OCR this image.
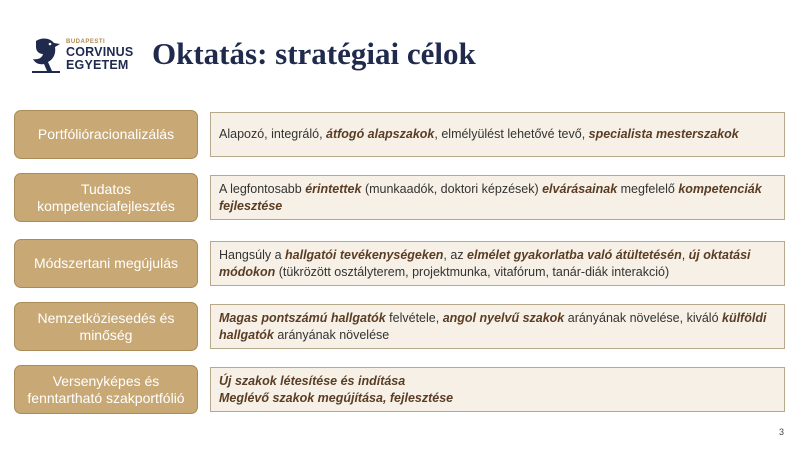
BUDAPESTI
CORVINUS
EGYETEM Oktatás: stratégiai célok
Portfólióracionalizálás	Alapozó, integráló, átfogó alapszakok, elmélyülést lehetővé tevő, specialista mesterszakok
Tudatos kompetenciafejlesztés
A legfontosabb érintettek (munkaadók, doktori képzések) elvárásainak megfelelő kompetenciák fejlesztése
Módszertani megújulás
Hangsúly a hallgatói tevékenységeken, az elmélet gyakorlatba való átültetésén, új oktatási módokon (tükrözött osztályterem, projektmunka, vitafórum, tanár-diák interakció)
Nemzetköziesedés és minőség
Magas pontszámú hallgatók felvétele, angol nyelvű szakok arányának növelése, kiváló külföldi hallgatók arányának növelése
Versenyképes és fenntartható szakportfólió
Új szakok létesítése és indítása
Meglévő szakok megújítása, fejlesztése
3
